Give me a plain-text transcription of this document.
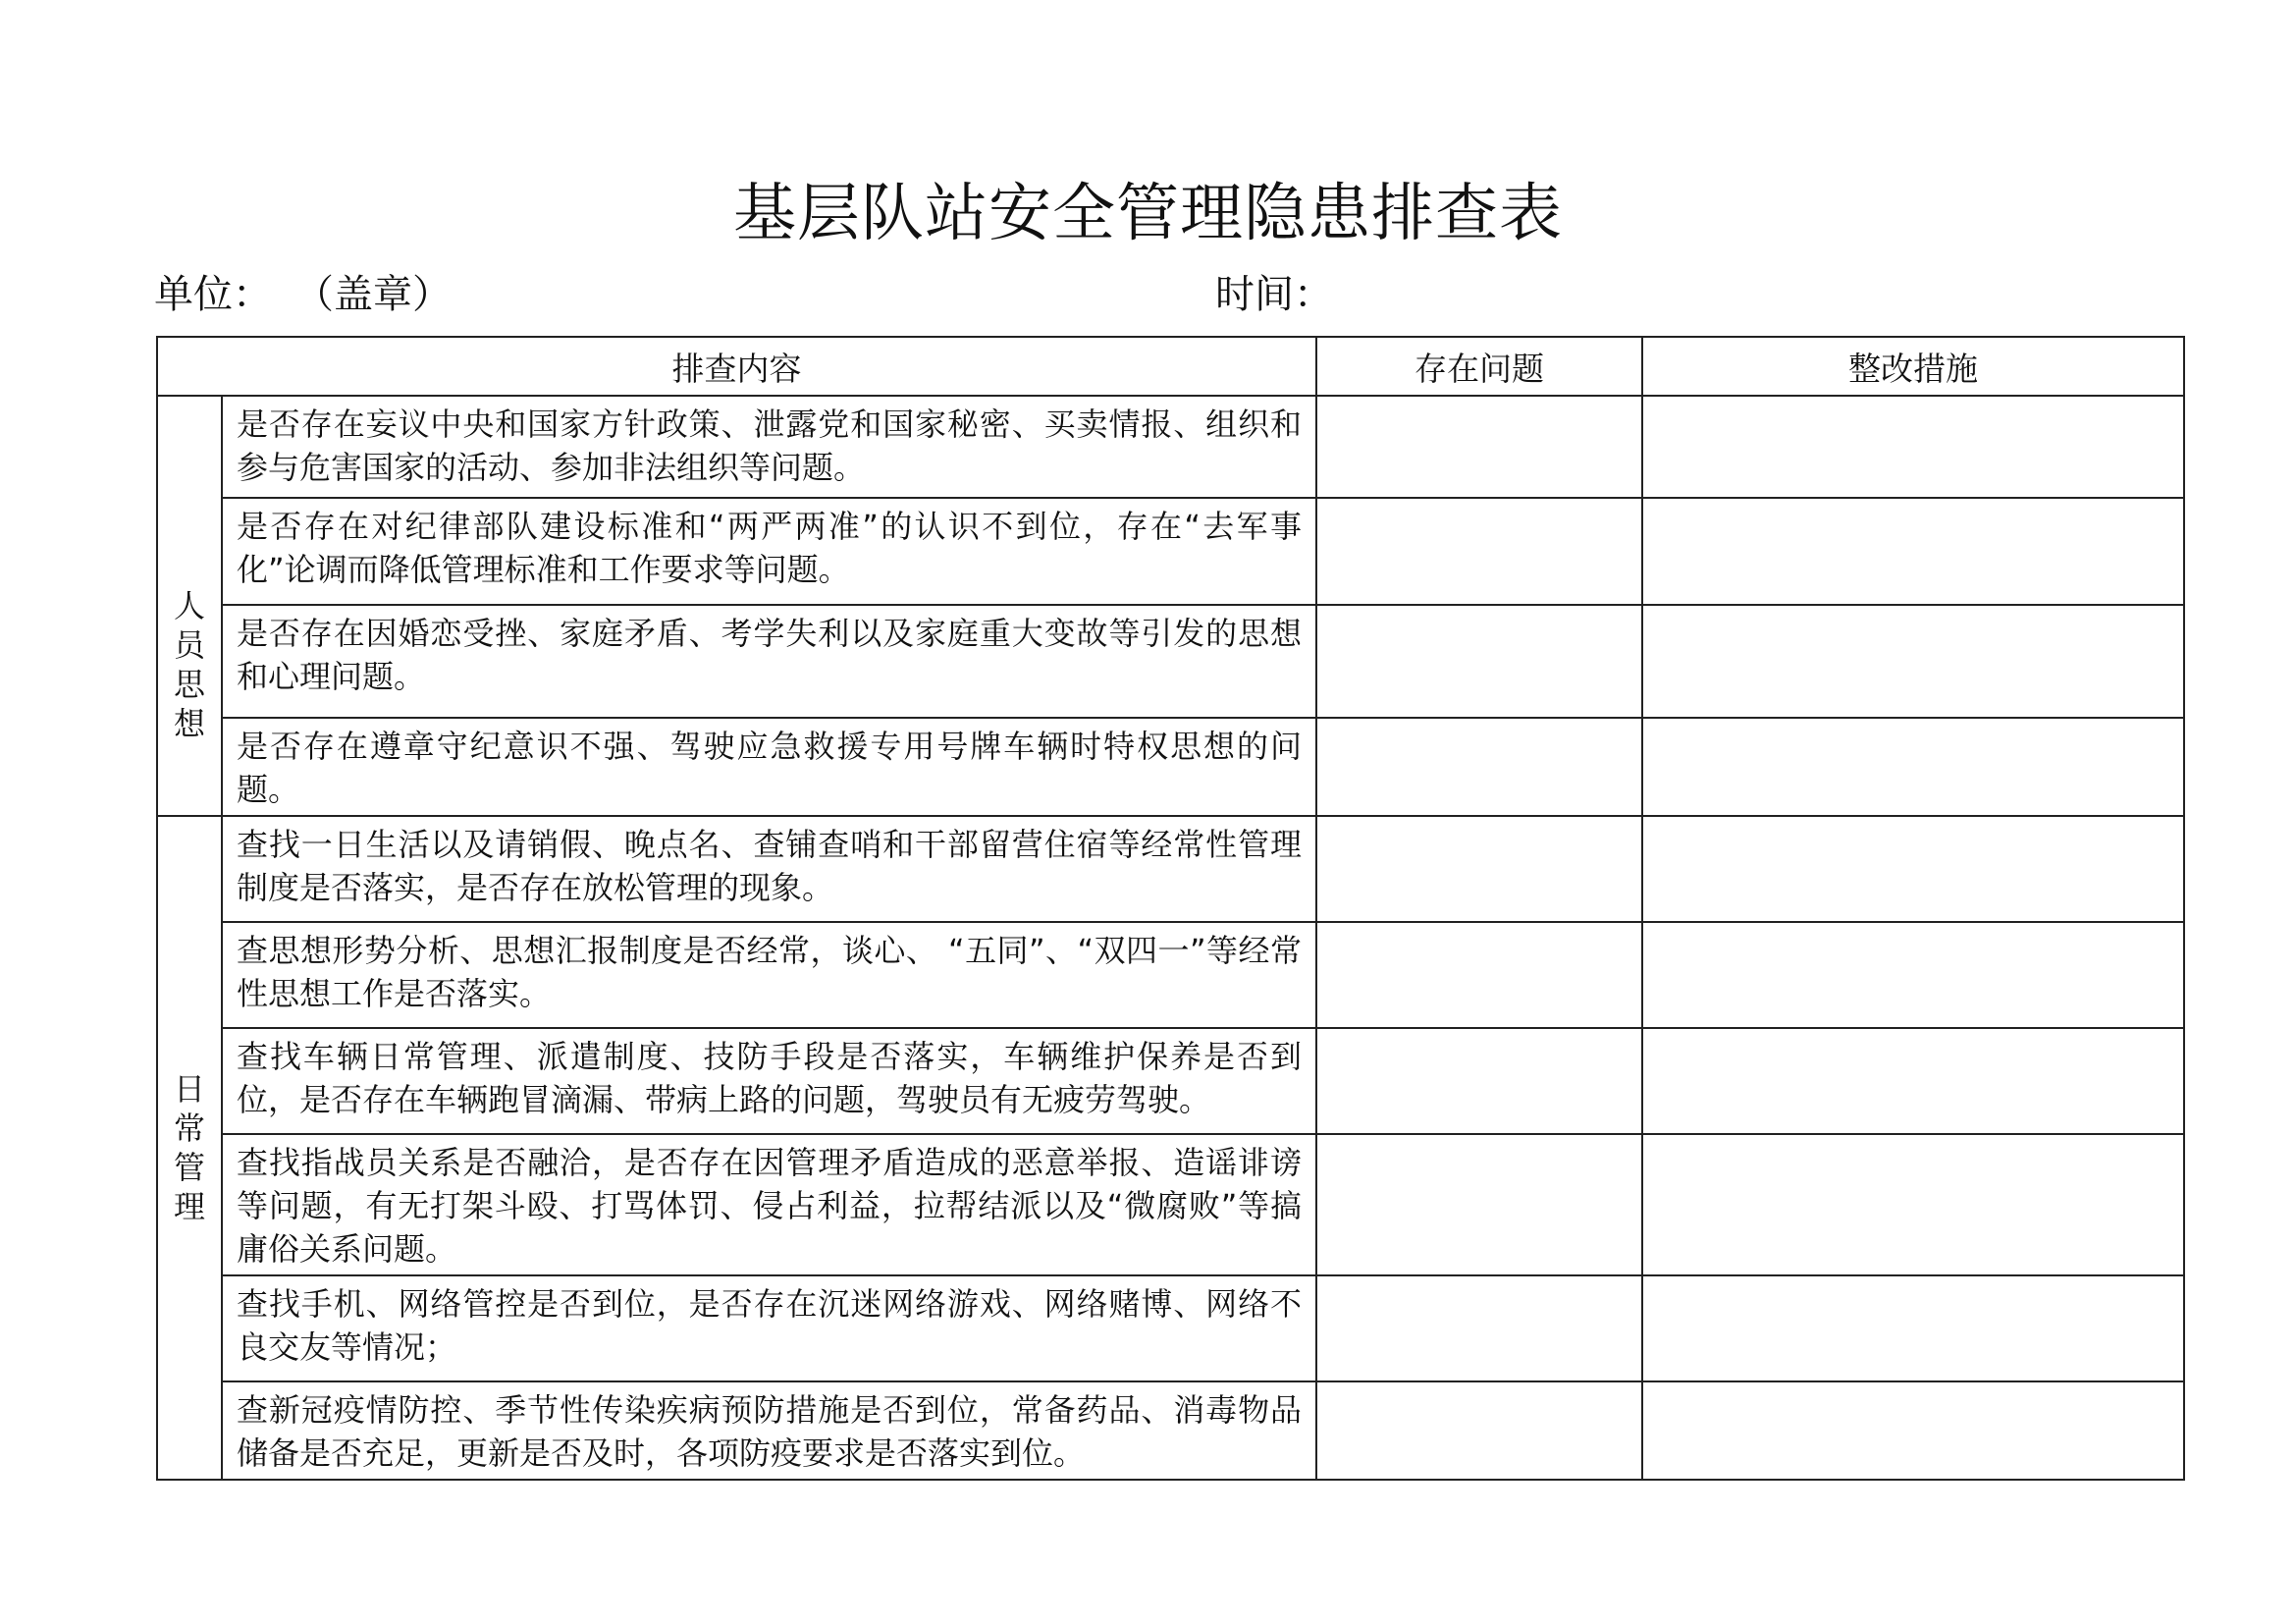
基层队站安全管理隐患排查表
单位： （盖章）	时间：
排查内容		存在问题	整改措施
人员思想	是否存在妄议中央和国家方针政策、泄露党和国家秘密、买卖情报、组织和参与危害国家的活动、参加非法组织等问题。		
	是否存在对纪律部队建设标准和“两严两准”的认识不到位，存在“去军事化”论调而降低管理标准和工作要求等问题。		
	是否存在因婚恋受挫、家庭矛盾、考学失利以及家庭重大变故等引发的思想和心理问题。		
	是否存在遵章守纪意识不强、驾驶应急救援专用号牌车辆时特权思想的问题。		
日常管理	查找一日生活以及请销假、晚点名、查铺查哨和干部留营住宿等经常性管理制度是否落实，是否存在放松管理的现象。		
	查思想形势分析、思想汇报制度是否经常，谈心、 “五同”、“双四一”等经常性思想工作是否落实。		
	查找车辆日常管理、派遣制度、技防手段是否落实，车辆维护保养是否到位，是否存在车辆跑冒滴漏、带病上路的问题，驾驶员有无疲劳驾驶。		
	查找指战员关系是否融洽，是否存在因管理矛盾造成的恶意举报、造谣诽谤等问题，有无打架斗殴、打骂体罚、侵占利益，拉帮结派以及“微腐败”等搞庸俗关系问题。		
	查找手机、网络管控是否到位，是否存在沉迷网络游戏、网络赌博、网络不良交友等情况；		
	查新冠疫情防控、季节性传染疾病预防措施是否到位，常备药品、消毒物品储备是否充足，更新是否及时，各项防疫要求是否落实到位。		
